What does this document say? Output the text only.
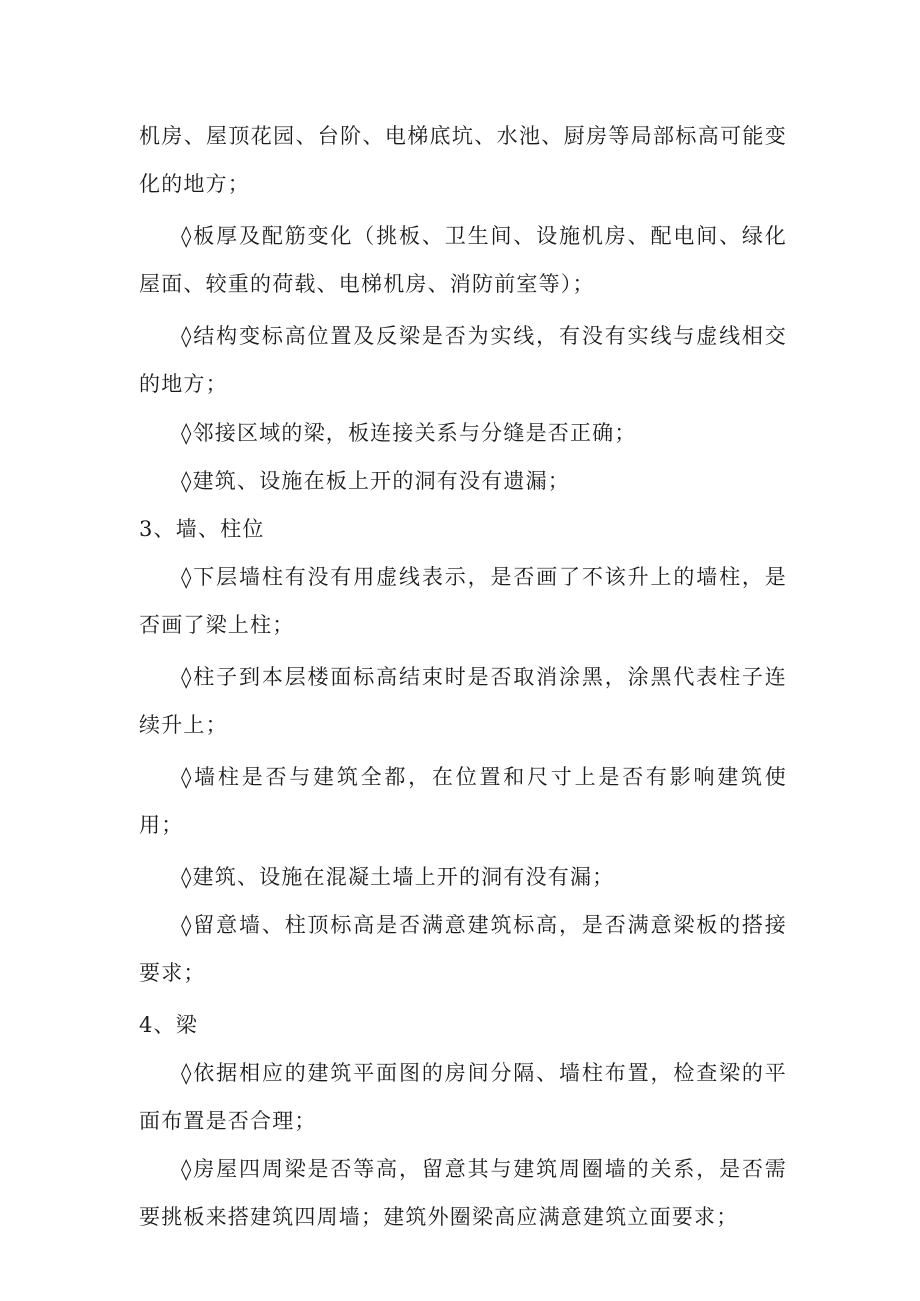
机房、屋顶花园、台阶、电梯底坑、水池、厨房等局部标高可能变化的地方；

◊板厚及配筋变化（挑板、卫生间、设施机房、配电间、绿化屋面、较重的荷载、电梯机房、消防前室等）；

◊结构变标高位置及反梁是否为实线，有没有实线与虚线相交的地方；

◊邻接区域的梁，板连接关系与分缝是否正确；

◊建筑、设施在板上开的洞有没有遗漏；

3、墙、柱位

◊下层墙柱有没有用虚线表示，是否画了不该升上的墙柱，是否画了梁上柱；

◊柱子到本层楼面标高结束时是否取消涂黑，涂黑代表柱子连续升上；

◊墙柱是否与建筑全都，在位置和尺寸上是否有影响建筑使用；

◊建筑、设施在混凝土墙上开的洞有没有漏；

◊留意墙、柱顶标高是否满意建筑标高，是否满意梁板的搭接要求；

4、梁

◊依据相应的建筑平面图的房间分隔、墙柱布置，检查梁的平面布置是否合理；

◊房屋四周梁是否等高，留意其与建筑周圈墙的关系，是否需要挑板来搭建筑四周墙；建筑外圈梁高应满意建筑立面要求；
